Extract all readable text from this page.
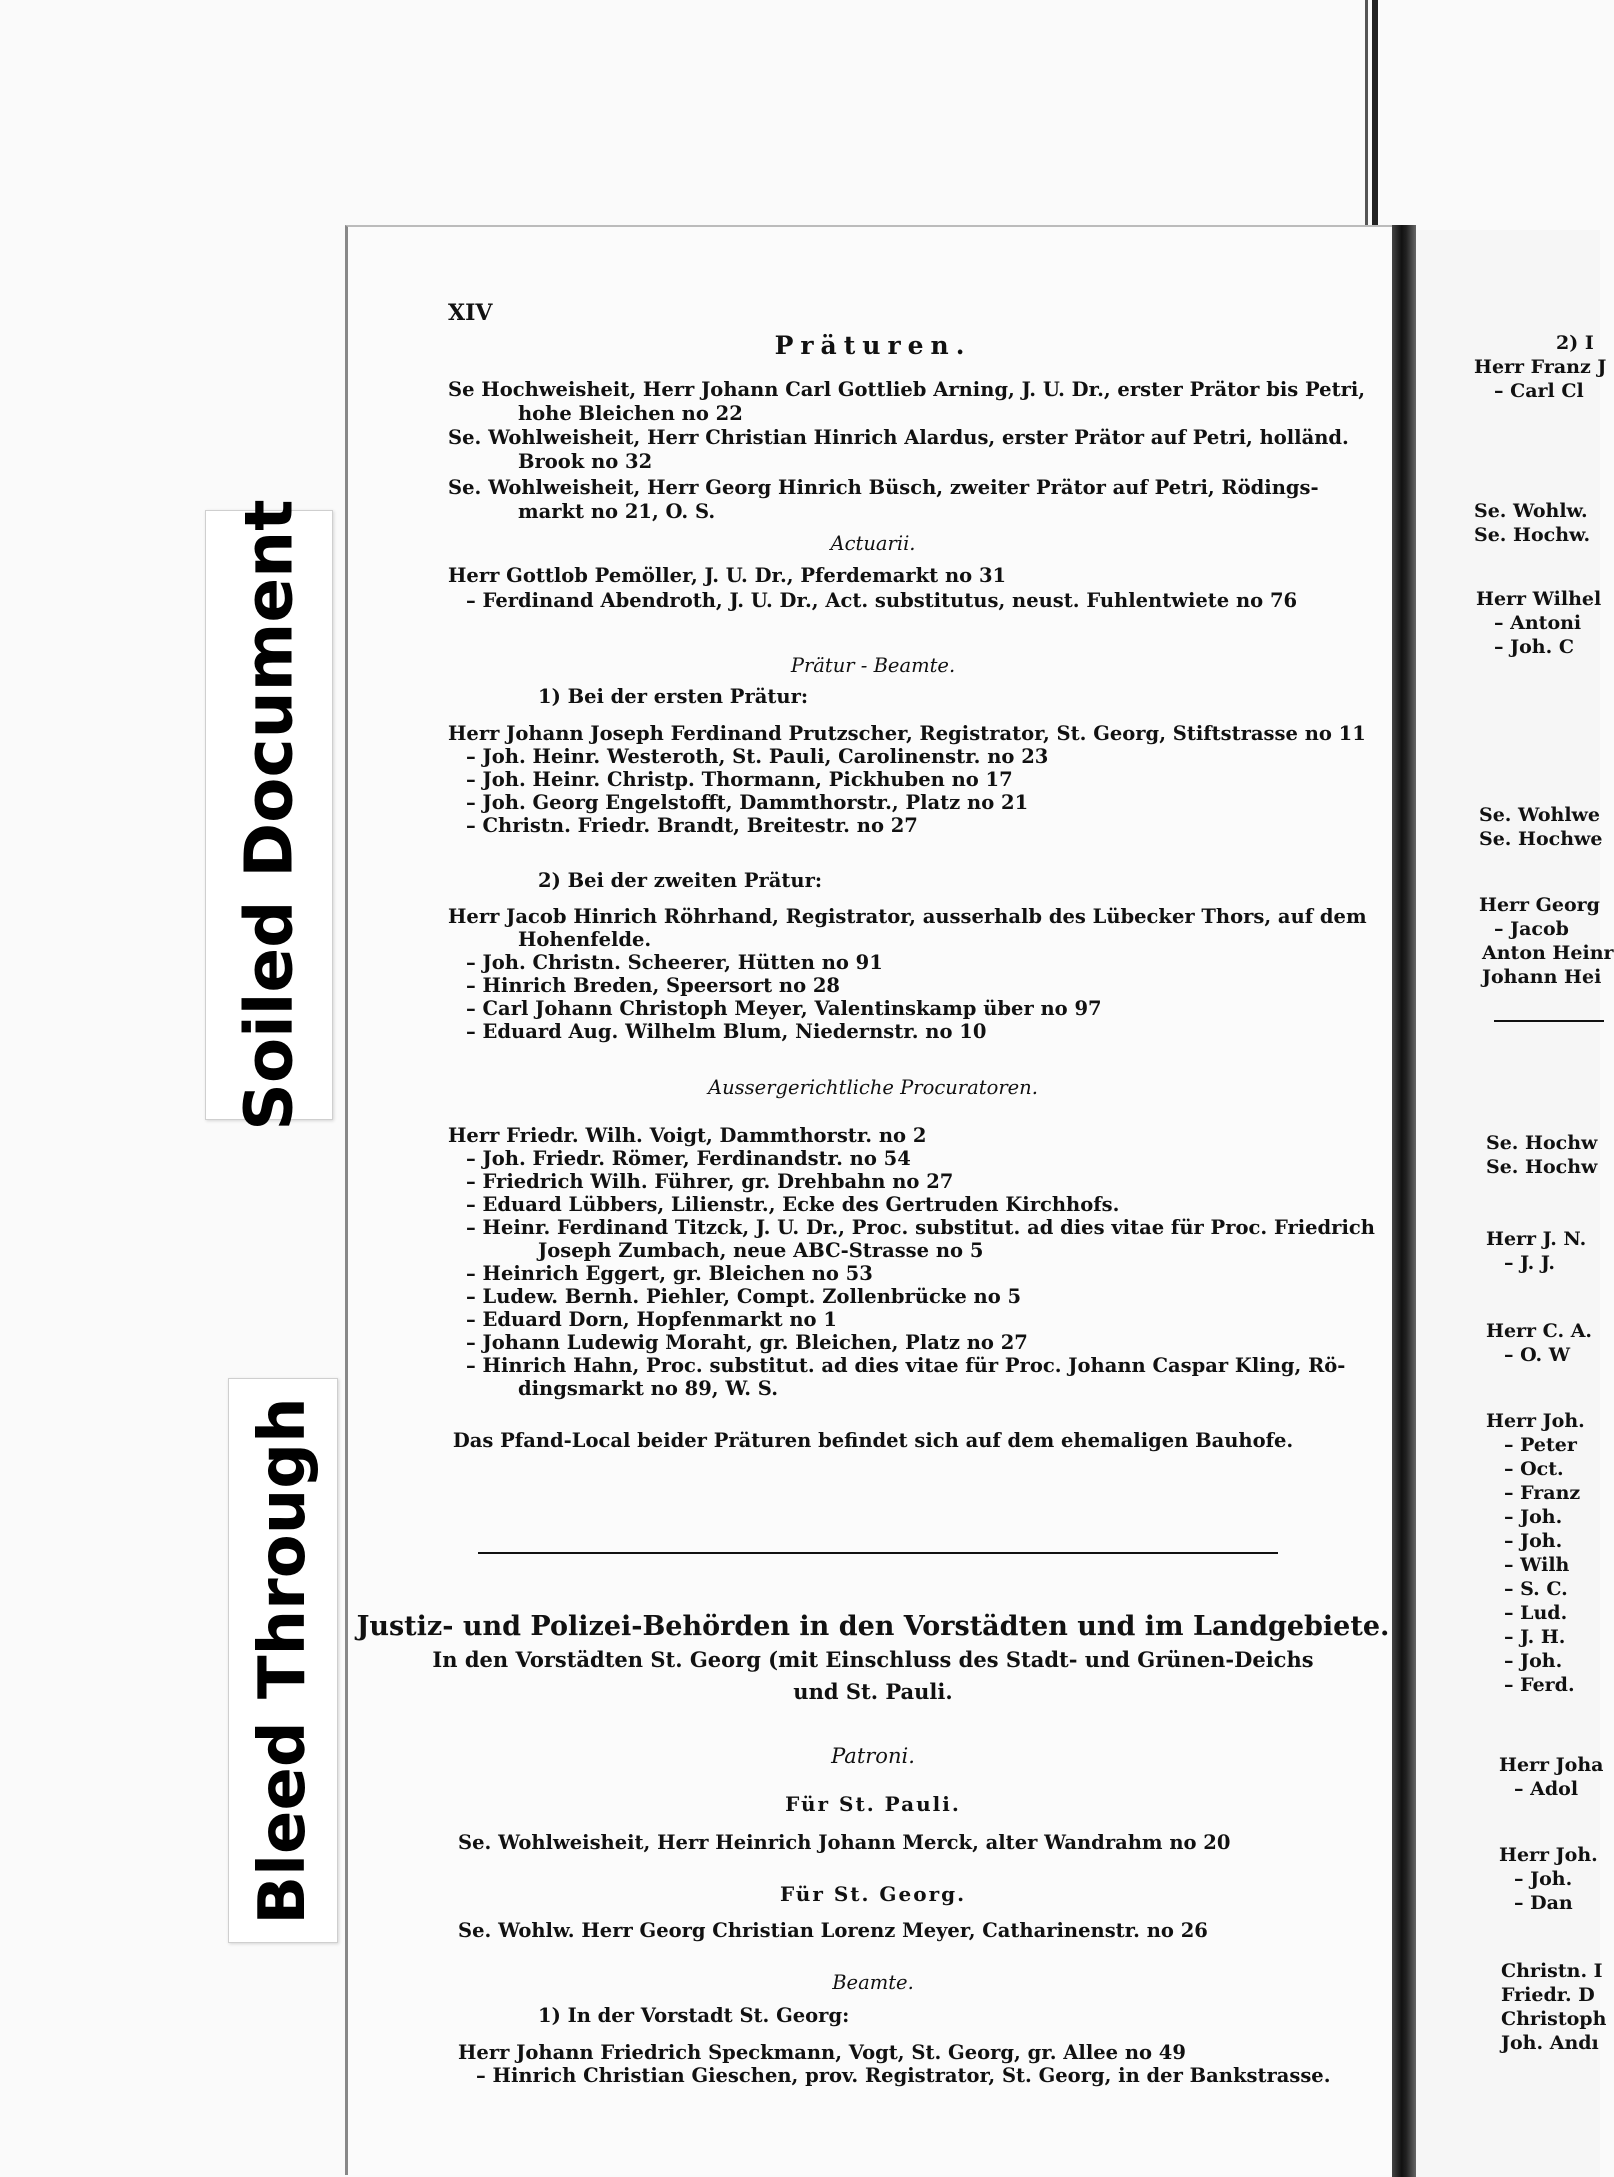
XIV
Präturen.
Se Hochweisheit, Herr Johann Carl Gottlieb Arning, J. U. Dr., erster Prätor bis Petri,
hohe Bleichen no 22
Se. Wohlweisheit, Herr Christian Hinrich Alardus, erster Prätor auf Petri, holländ.
Brook no 32
Se. Wohlweisheit, Herr Georg Hinrich Büsch, zweiter Prätor auf Petri, Rödings-
markt no 21, O. S.
Actuarii.
Herr Gottlob Pemöller, J. U. Dr., Pferdemarkt no 31
– Ferdinand Abendroth, J. U. Dr., Act. substitutus, neust. Fuhlentwiete no 76
Prätur - Beamte.
1) Bei der ersten Prätur:
Herr Johann Joseph Ferdinand Prutzscher, Registrator, St. Georg, Stiftstrasse no 11
– Joh. Heinr. Westeroth, St. Pauli, Carolinenstr. no 23
– Joh. Heinr. Christp. Thormann, Pickhuben no 17
– Joh. Georg Engelstofft, Dammthorstr., Platz no 21
– Christn. Friedr. Brandt, Breitestr. no 27
2) Bei der zweiten Prätur:
Herr Jacob Hinrich Röhrhand, Registrator, ausserhalb des Lübecker Thors, auf dem
Hohenfelde.
– Joh. Christn. Scheerer, Hütten no 91
– Hinrich Breden, Speersort no 28
– Carl Johann Christoph Meyer, Valentinskamp über no 97
– Eduard Aug. Wilhelm Blum, Niedernstr. no 10
Aussergerichtliche Procuratoren.
Herr Friedr. Wilh. Voigt, Dammthorstr. no 2
– Joh. Friedr. Römer, Ferdinandstr. no 54
– Friedrich Wilh. Führer, gr. Drehbahn no 27
– Eduard Lübbers, Lilienstr., Ecke des Gertruden Kirchhofs.
– Heinr. Ferdinand Titzck, J. U. Dr., Proc. substitut. ad dies vitae für Proc. Friedrich
Joseph Zumbach, neue ABC-Strasse no 5
– Heinrich Eggert, gr. Bleichen no 53
– Ludew. Bernh. Piehler, Compt. Zollenbrücke no 5
– Eduard Dorn, Hopfenmarkt no 1
– Johann Ludewig Moraht, gr. Bleichen, Platz no 27
– Hinrich Hahn, Proc. substitut. ad dies vitae für Proc. Johann Caspar Kling, Rö-
dingsmarkt no 89, W. S.
Das Pfand-Local beider Präturen befindet sich auf dem ehemaligen Bauhofe.
Justiz- und Polizei-Behörden in den Vorstädten und im Landgebiete.
In den Vorstädten St. Georg (mit Einschluss des Stadt- und Grünen-Deichs
und St. Pauli.
Patroni.
Für St. Pauli.
Se. Wohlweisheit, Herr Heinrich Johann Merck, alter Wandrahm no 20
Für St. Georg.
Se. Wohlw. Herr Georg Christian Lorenz Meyer, Catharinenstr. no 26
Beamte.
1) In der Vorstadt St. Georg:
Herr Johann Friedrich Speckmann, Vogt, St. Georg, gr. Allee no 49
– Hinrich Christian Gieschen, prov. Registrator, St. Georg, in der Bankstrasse.
2) I
Herr Franz J
– Carl Cl
Se. Wohlw.
Se. Hochw.
Herr Wilhel
– Antoni
– Joh. C
Se. Wohlwe
Se. Hochwe
Herr Georg
– Jacob
Anton Heinr
Johann Hei
Se. Hochw
Se. Hochw
Herr J. N.
– J. J.
Herr C. A.
– O. W
Herr Joh.
– Peter
– Oct.
– Franz
– Joh.
– Joh.
– Wilh
– S. C.
– Lud.
– J. H.
– Joh.
– Ferd.
Herr Joha
– Adol
Herr Joh.
– Joh.
– Dan
Christn. I
Friedr. D
Christoph
Joh. Andı
Soiled Document
Bleed Through
